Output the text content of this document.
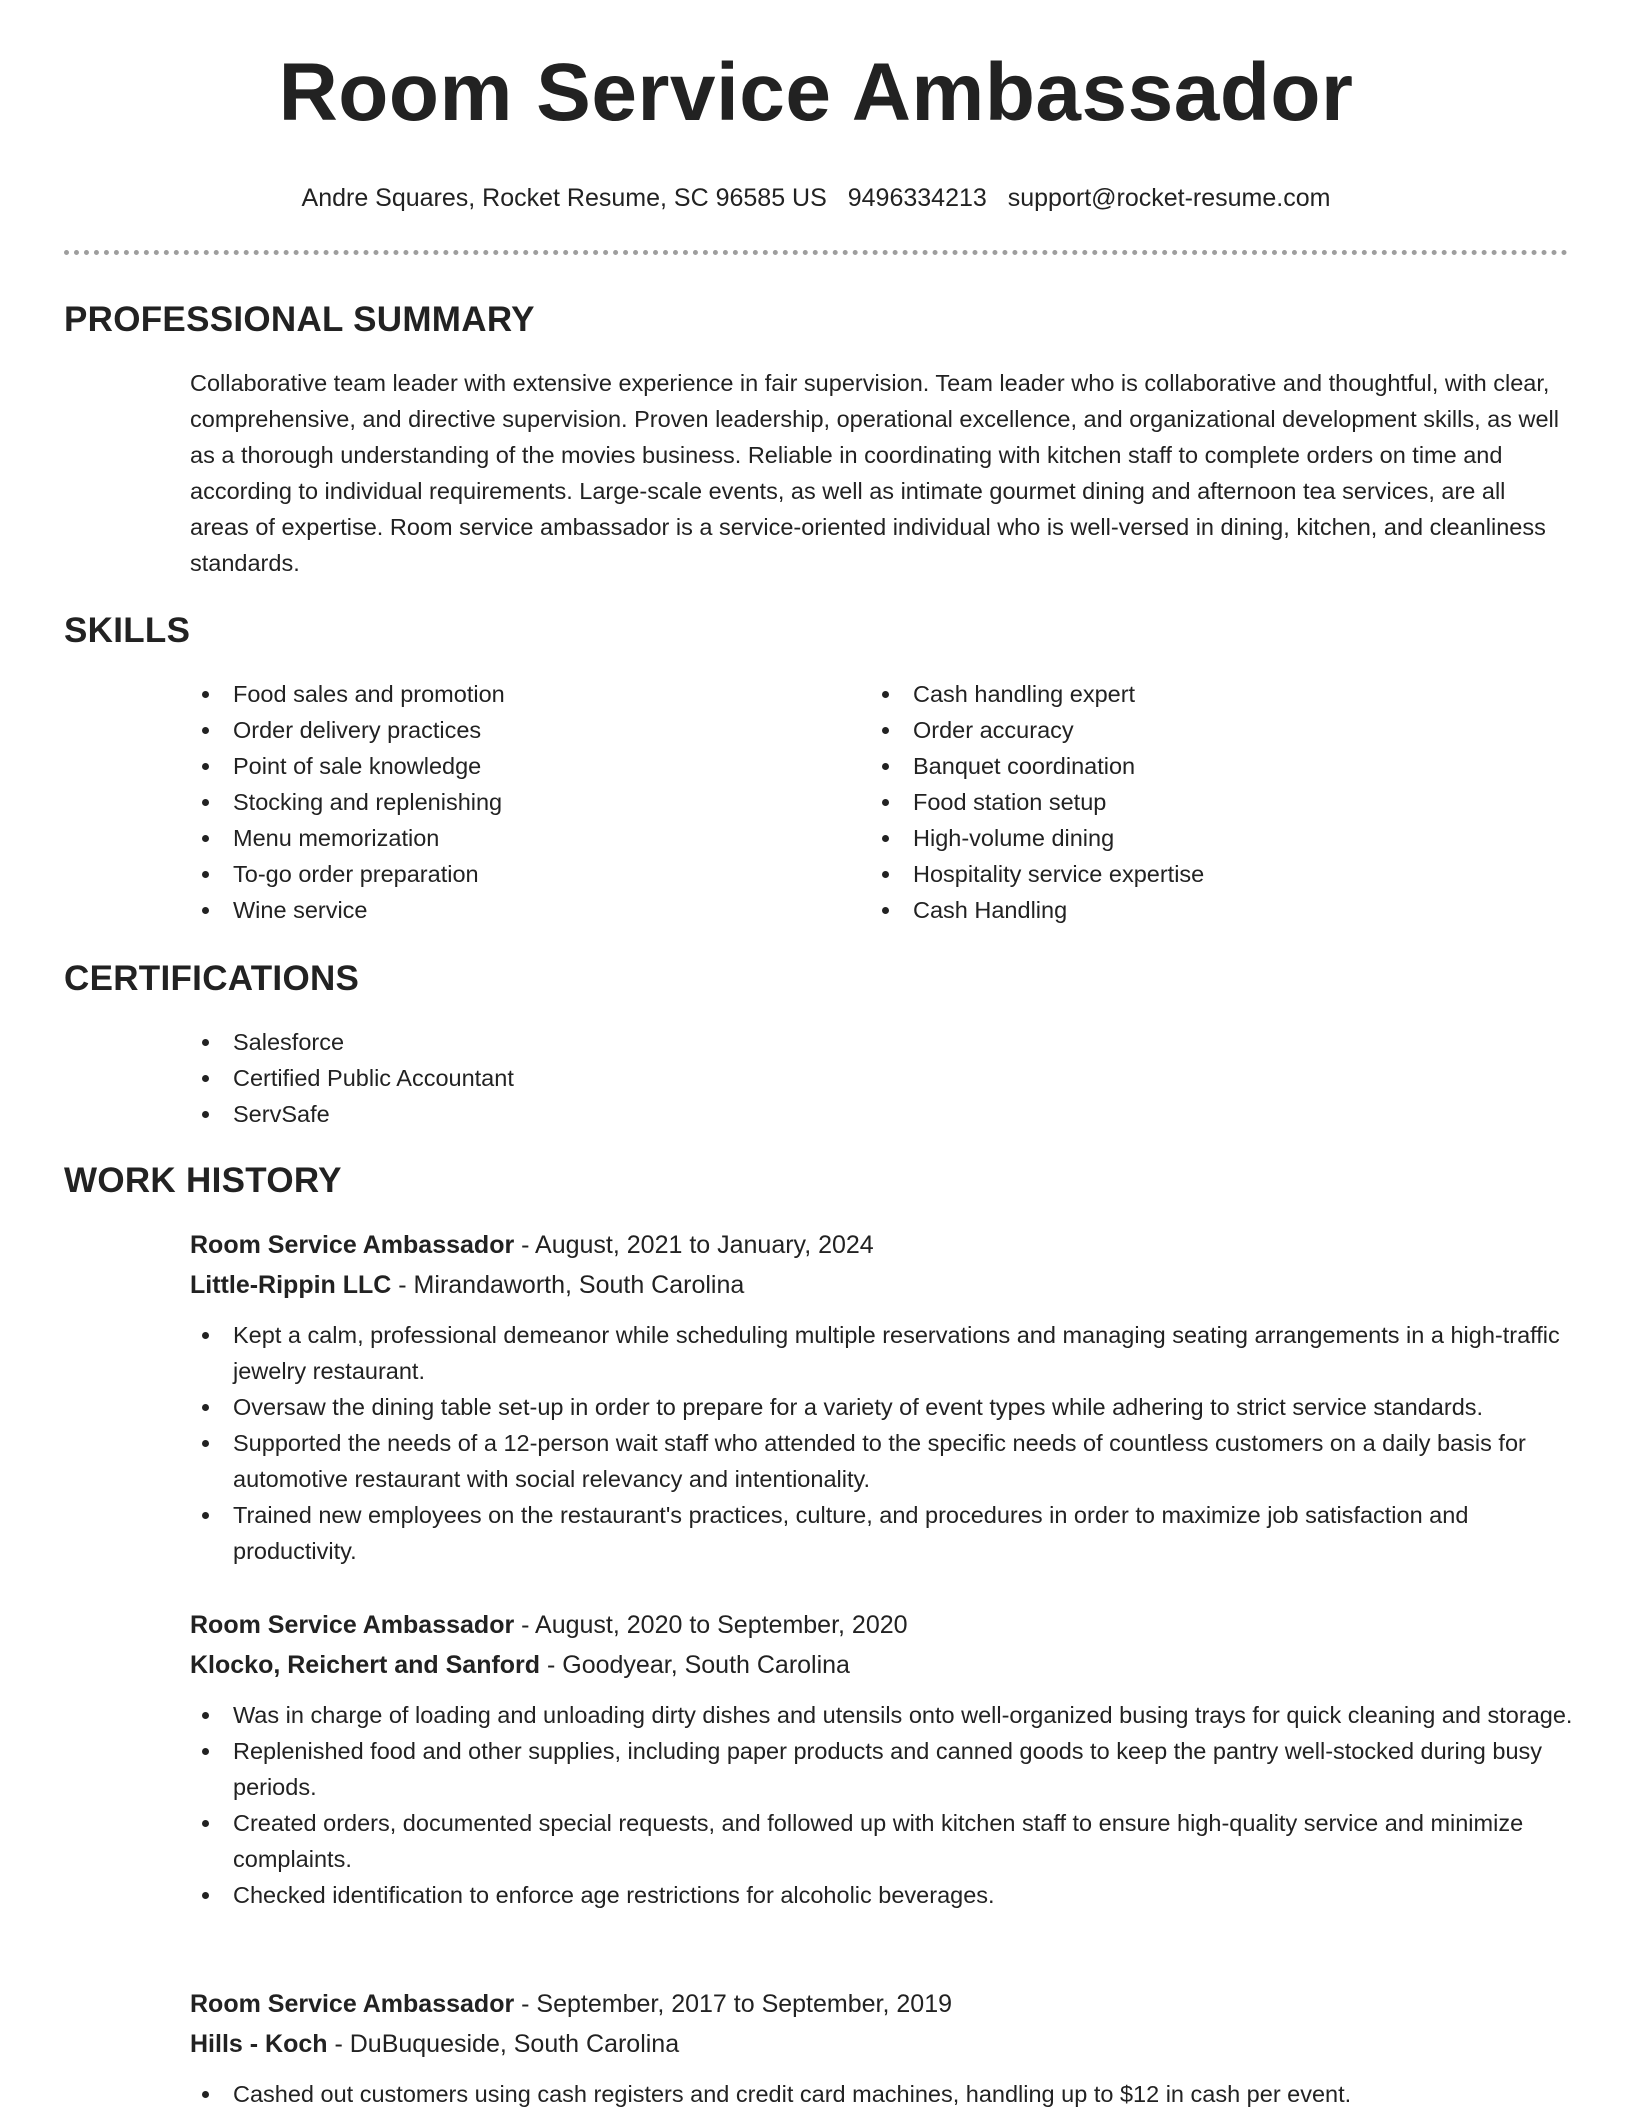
Room Service Ambassador
Andre Squares, Rocket Resume, SC 96585 US 9496334213 support@rocket-resume.com
PROFESSIONAL SUMMARY

Collaborative team leader with extensive experience in fair supervision. Team leader who is collaborative and thoughtful, with clear, comprehensive, and directive supervision. Proven leadership, operational excellence, and organizational development skills, as well as a thorough understanding of the movies business. Reliable in coordinating with kitchen staff to complete orders on time and according to individual requirements. Large-scale events, as well as intimate gourmet dining and afternoon tea services, are all areas of expertise. Room service ambassador is a service-oriented individual who is well-versed in dining, kitchen, and cleanliness standards.

SKILLS
Food sales and promotion
Order delivery practices
Point of sale knowledge
Stocking and replenishing
Menu memorization
To-go order preparation
Wine service
Cash handling expert
Order accuracy
Banquet coordination
Food station setup
High-volume dining
Hospitality service expertise
Cash Handling
CERTIFICATIONS
Salesforce
Certified Public Accountant
ServSafe
WORK HISTORY
Room Service Ambassador - August, 2021 to January, 2024
Little-Rippin LLC - Mirandaworth, South Carolina
Kept a calm, professional demeanor while scheduling multiple reservations and managing seating arrangements in a high-traffic jewelry restaurant.
Oversaw the dining table set-up in order to prepare for a variety of event types while adhering to strict service standards.
Supported the needs of a 12-person wait staff who attended to the specific needs of countless customers on a daily basis for automotive restaurant with social relevancy and intentionality.
Trained new employees on the restaurant's practices, culture, and procedures in order to maximize job satisfaction and productivity.
Room Service Ambassador - August, 2020 to September, 2020
Klocko, Reichert and Sanford - Goodyear, South Carolina
Was in charge of loading and unloading dirty dishes and utensils onto well-organized busing trays for quick cleaning and storage.
Replenished food and other supplies, including paper products and canned goods to keep the pantry well-stocked during busy periods.
Created orders, documented special requests, and followed up with kitchen staff to ensure high-quality service and minimize complaints.
Checked identification to enforce age restrictions for alcoholic beverages.
Room Service Ambassador - September, 2017 to September, 2019
Hills - Koch - DuBuqueside, South Carolina
Cashed out customers using cash registers and credit card machines, handling up to $12 in cash per event.
